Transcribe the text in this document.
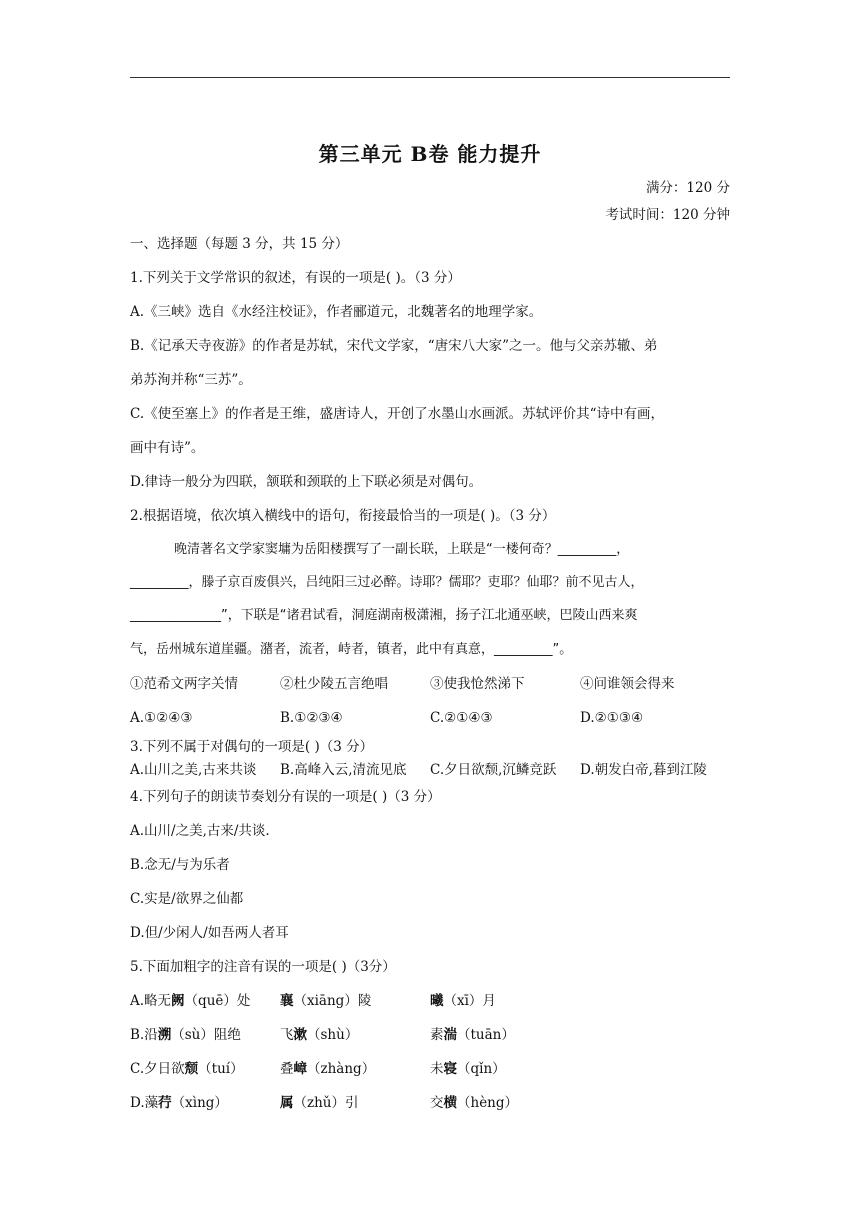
第三单元 B卷 能力提升
满分：120 分
考试时间：120 分钟
一、选择题（每题 3 分，共 15 分）
1.下列关于文学常识的叙述，有误的一项是( )。（3 分）
A.《三峡》选自《水经注校证》，作者郦道元，北魏著名的地理学家。
B.《记承天寺夜游》的作者是苏轼，宋代文学家，“唐宋八大家”之一。他与父亲苏辙、弟
弟苏洵并称“三苏”。
C.《使至塞上》的作者是王维，盛唐诗人，开创了水墨山水画派。苏轼评价其“诗中有画，
画中有诗”。
D.律诗一般分为四联，颔联和颈联的上下联必须是对偶句。
2.根据语境，依次填入横线中的语句，衔接最恰当的一项是( )。（3 分）
晚清著名文学家窦墉为岳阳楼撰写了一副长联，上联是“一楼何奇？_________，
_________，滕子京百废俱兴，吕纯阳三过必醉。诗耶？儒耶？吏耶？仙耶？前不见古人，
______________”，下联是“诸君试看，洞庭湖南极潇湘，扬子江北通巫峡，巴陵山西来爽
气，岳州城东道崖疆。潴者，流者，峙者，镇者，此中有真意，_________”。
①范希文两字关情	②杜少陵五言绝唱	③使我怆然涕下	④问谁领会得来
A.①②④③	B.①②③④	C.②①④③	D.②①③④
3.下列不属于对偶句的一项是( )（3 分）
A.山川之美,古来共谈 B.高峰入云,清流见底 C.夕日欲颓,沉鳞竞跃 D.朝发白帝,暮到江陵
4.下列句子的朗读节奏划分有误的一项是( )（3 分）
A.山川/之美,古来/共谈.
B.念无/与为乐者
C.实是/欲界之仙都
D.但/少闲人/如吾两人者耳
5.下面加粗字的注音有误的一项是( )（3分）
A.略无阙（quē）处 襄（xiāng）陵	曦（xī）月
B.沿溯（sù）阻绝	飞漱（shù）	素湍（tuān）
C.夕日欲颓（tuí）	叠嶂（zhàng）	未寝（qǐn）
D.藻荇（xìng）	属（zhǔ）引	交横（hèng）
